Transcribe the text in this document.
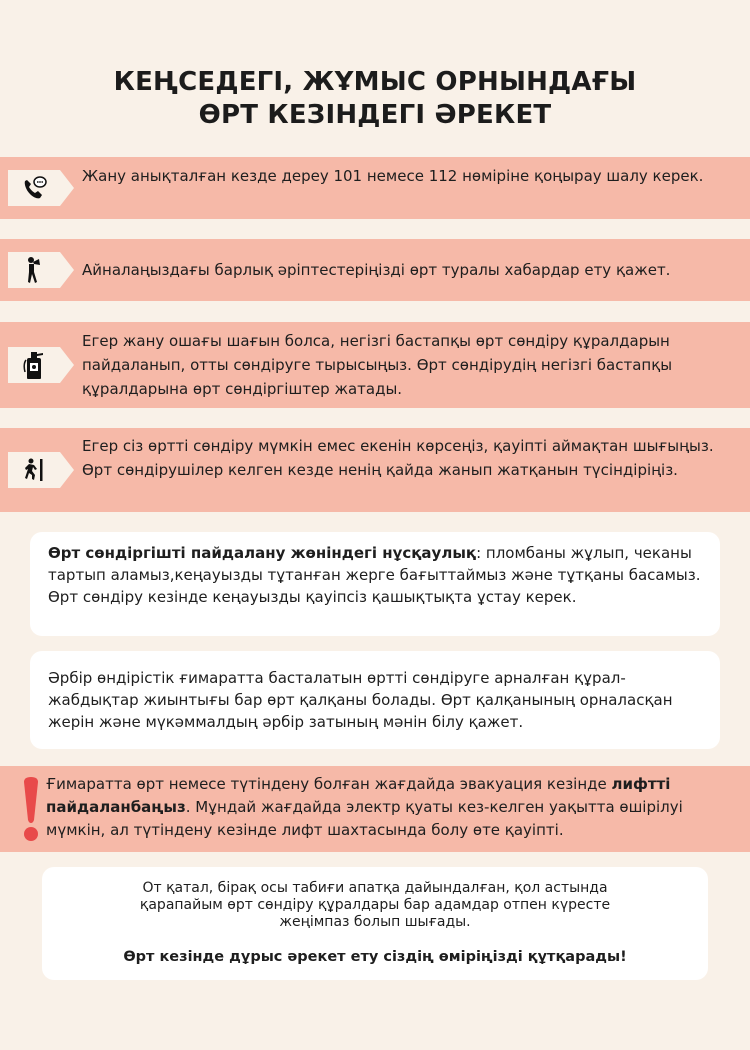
КЕҢСЕДЕГІ, ЖҰМЫС ОРНЫНДАҒЫ
ӨРТ КЕЗІНДЕГІ ӘРЕКЕТ
Жану анықталған кезде дереу 101 немесе 112 нөміріне қоңырау шалу керек.
Айналаңыздағы барлық әріптестеріңізді өрт туралы хабардар ету қажет.
Егер жану ошағы шағын болса, негізгі бастапқы өрт сөндіру құралдарын пайдаланып, отты сөндіруге тырысыңыз. Өрт сөндірудің негізгі бастапқы құралдарына өрт сөндіргіштер жатады.
Егер сіз өртті сөндіру мүмкін емес екенін көрсеңіз, қауіпті аймақтан шығыңыз. Өрт сөндірушілер келген кезде ненің қайда жанып жатқанын түсіндіріңіз.
Өрт сөндіргішті пайдалану жөніндегі нұсқаулық: пломбаны жұлып, чеканы тартып аламыз,кеңауызды тұтанған жерге бағыттаймыз және тұтқаны басамыз. Өрт сөндіру кезінде кеңауызды қауіпсіз қашықтықта ұстау керек.
Әрбір өндірістік ғимаратта басталатын өртті сөндіруге арналған құрал-жабдықтар жиынтығы бар өрт қалқаны болады. Өрт қалқанының орналасқан жерін және мүкәммалдың әрбір затының мәнін білу қажет.
Ғимаратта өрт немесе түтіндену болған жағдайда эвакуация кезінде лифтті пайдаланбаңыз. Мұндай жағдайда электр қуаты кез-келген уақытта өшірілуі мүмкін, ал түтіндену кезінде лифт шахтасында болу өте қауіпті.
От қатал, бірақ осы табиғи апатқа дайындалған, қол астында
қарапайым өрт сөндіру құралдары бар адамдар отпен күресте
жеңімпаз болып шығады.
Өрт кезінде дұрыс әрекет ету сіздің өміріңізді құтқарады!
